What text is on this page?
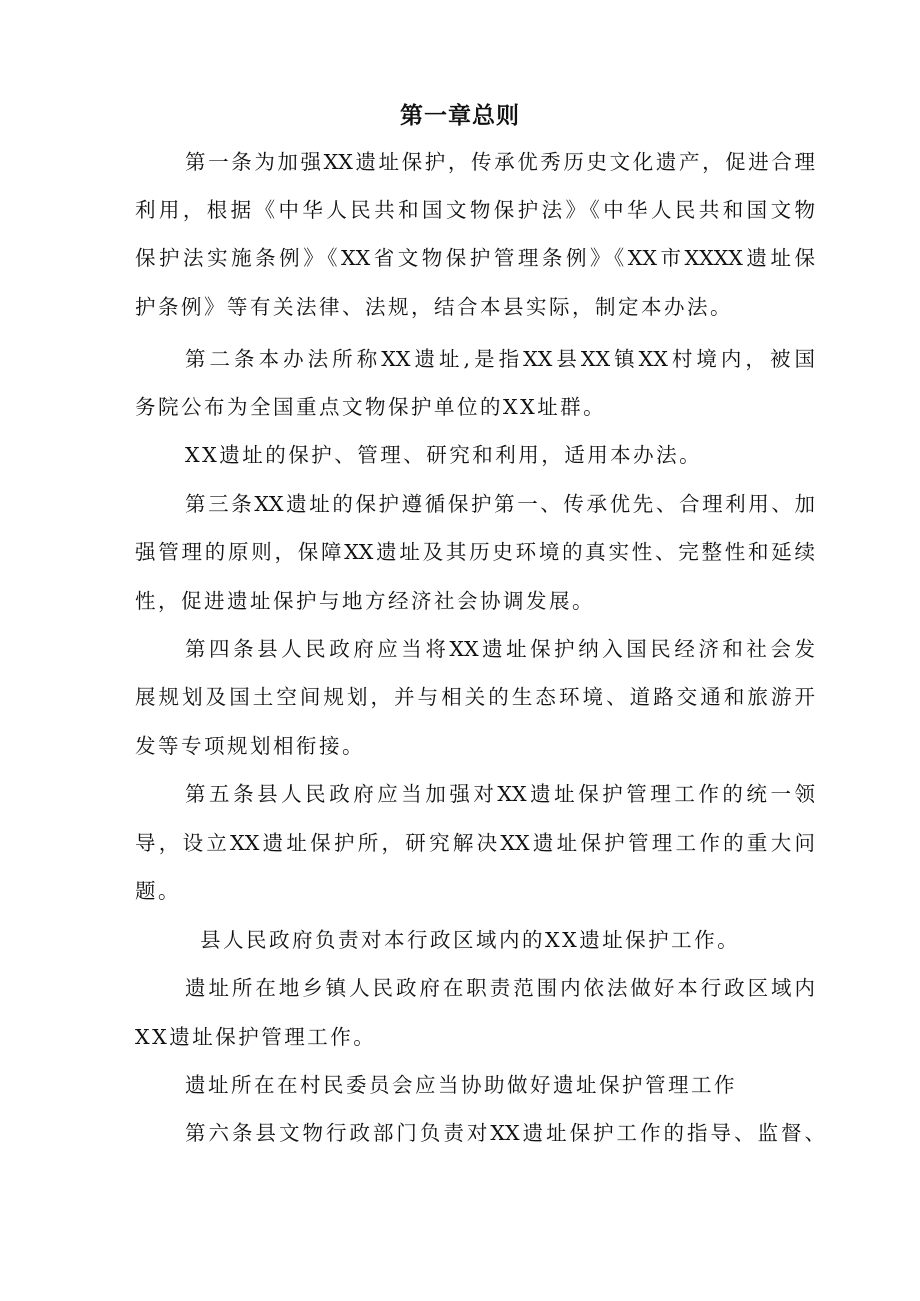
第一章总则
第一条为加强XX遗址保护，传承优秀历史文化遗产，促进合理
利用，根据《中华人民共和国文物保护法》《中华人民共和国文物
保护法实施条例》《XX省文物保护管理条例》《XX市XXXX遗址保
护条例》等有关法律、法规，结合本县实际，制定本办法。
第二条本办法所称XX遗址,是指XX县XX镇XX村境内，被国
务院公布为全国重点文物保护单位的XX址群。
XX遗址的保护、管理、研究和利用，适用本办法。
第三条XX遗址的保护遵循保护第一、传承优先、合理利用、加
强管理的原则，保障XX遗址及其历史环境的真实性、完整性和延续
性，促进遗址保护与地方经济社会协调发展。
第四条县人民政府应当将XX遗址保护纳入国民经济和社会发
展规划及国土空间规划，并与相关的生态环境、道路交通和旅游开
发等专项规划相衔接。
第五条县人民政府应当加强对XX遗址保护管理工作的统一领
导，设立XX遗址保护所，研究解决XX遗址保护管理工作的重大问
题。
县人民政府负责对本行政区域内的XX遗址保护工作。
遗址所在地乡镇人民政府在职责范围内依法做好本行政区域内
XX遗址保护管理工作。
遗址所在在村民委员会应当协助做好遗址保护管理工作
第六条县文物行政部门负责对XX遗址保护工作的指导、监督、
